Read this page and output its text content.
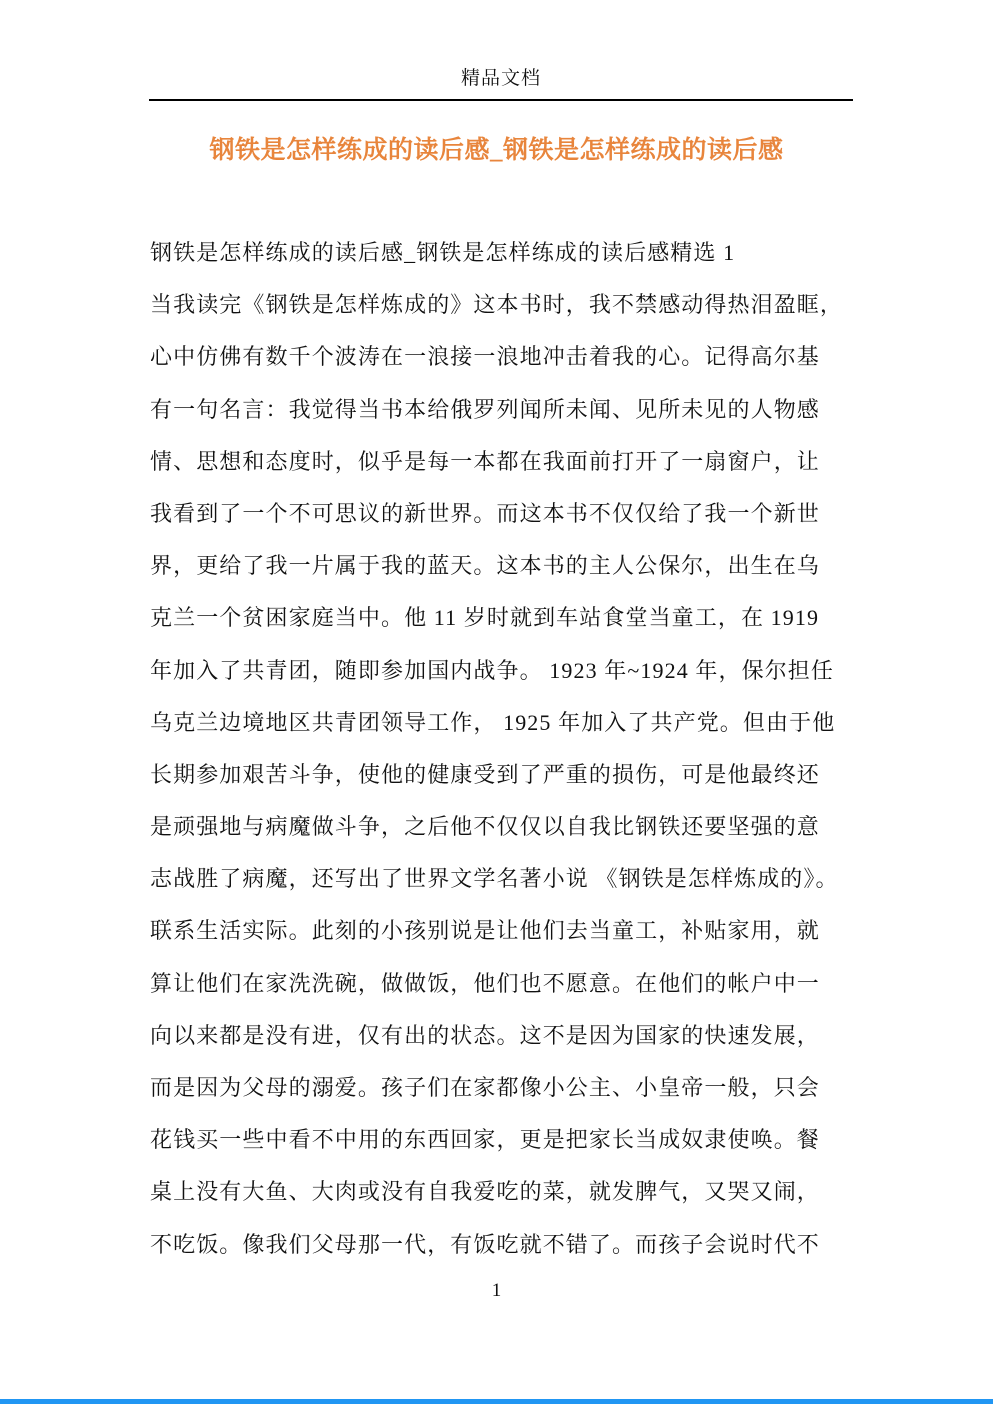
精品文档
钢铁是怎样练成的读后感_钢铁是怎样练成的读后感
钢铁是怎样练成的读后感_钢铁是怎样练成的读后感精选 1
当我读完《钢铁是怎样炼成的》这本书时，我不禁感动得热泪盈眶，
心中仿佛有数千个波涛在一浪接一浪地冲击着我的心。记得高尔基
有一句名言：我觉得当书本给俄罗列闻所未闻、见所未见的人物感
情、思想和态度时，似乎是每一本都在我面前打开了一扇窗户，让
我看到了一个不可思议的新世界。而这本书不仅仅给了我一个新世
界，更给了我一片属于我的蓝天。这本书的主人公保尔，出生在乌
克兰一个贫困家庭当中。他 11 岁时就到车站食堂当童工，在 1919
年加入了共青团，随即参加国内战争。 1923 年~1924 年，保尔担任
乌克兰边境地区共青团领导工作， 1925 年加入了共产党。但由于他
长期参加艰苦斗争，使他的健康受到了严重的损伤，可是他最终还
是顽强地与病魔做斗争，之后他不仅仅以自我比钢铁还要坚强的意
志战胜了病魔，还写出了世界文学名著小说 《钢铁是怎样炼成的》。
联系生活实际。此刻的小孩别说是让他们去当童工，补贴家用，就
算让他们在家洗洗碗，做做饭，他们也不愿意。在他们的帐户中一
向以来都是没有进，仅有出的状态。这不是因为国家的快速发展，
而是因为父母的溺爱。孩子们在家都像小公主、小皇帝一般，只会
花钱买一些中看不中用的东西回家，更是把家长当成奴隶使唤。餐
桌上没有大鱼、大肉或没有自我爱吃的菜，就发脾气，又哭又闹，
不吃饭。像我们父母那一代，有饭吃就不错了。而孩子会说时代不
1
